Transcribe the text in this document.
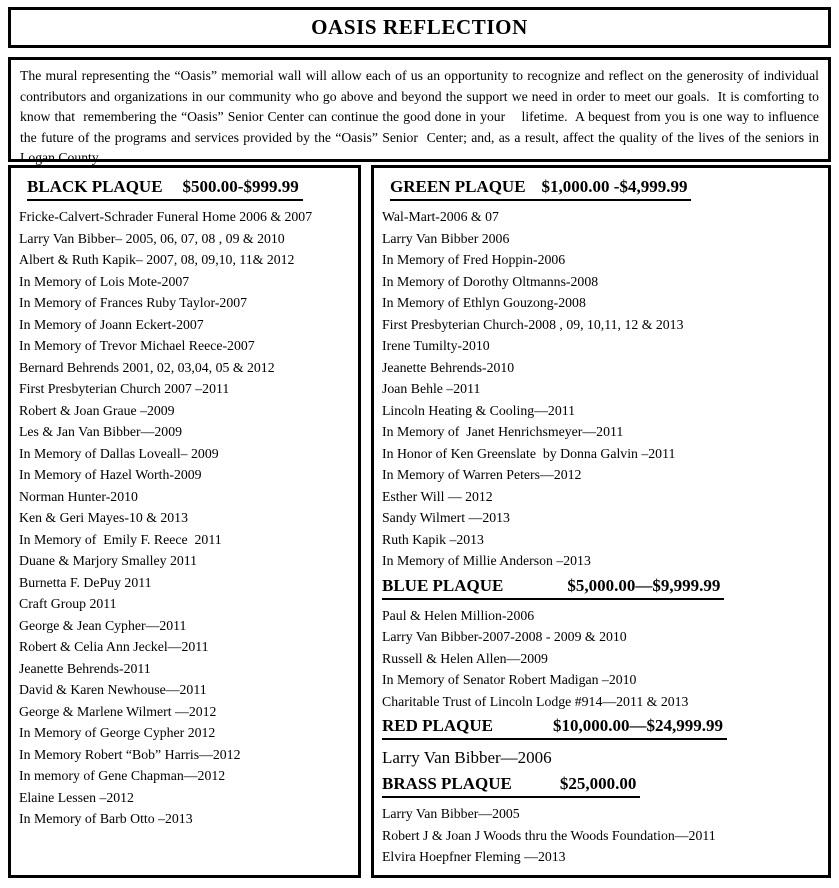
OASIS REFLECTION

The mural representing the “Oasis” memorial wall will allow each of us an opportunity to recognize and reflect on the generosity of individual contributors and organizations in our community who go above and beyond the support we need in order to meet our goals.  It is comforting to know that  remembering the “Oasis” Senior Center can continue the good done in your    lifetime.  A bequest from you is one way to influence the future of the programs and services provided by the “Oasis” Senior  Center; and, as a result, affect the quality of the lives of the seniors in Logan County.

BLACK PLAQUE $500.00-$999.99
Fricke-Calvert-Schrader Funeral Home 2006 & 2007
Larry Van Bibber– 2005, 06, 07, 08 , 09 & 2010
Albert & Ruth Kapik– 2007, 08, 09,10, 11& 2012
In Memory of Lois Mote-2007
In Memory of Frances Ruby Taylor-2007
In Memory of Joann Eckert-2007
In Memory of Trevor Michael Reece-2007
Bernard Behrends 2001, 02, 03,04, 05 & 2012
First Presbyterian Church 2007 –2011
Robert & Joan Graue –2009
Les & Jan Van Bibber—2009
In Memory of Dallas Loveall– 2009
In Memory of Hazel Worth-2009
Norman Hunter-2010
Ken & Geri Mayes-10 & 2013
In Memory of  Emily F. Reece  2011
Duane & Marjory Smalley 2011
Burnetta F. DePuy 2011
Craft Group 2011
George & Jean Cypher—2011
Robert & Celia Ann Jeckel—2011
Jeanette Behrends-2011
David & Karen Newhouse—2011
George & Marlene Wilmert —2012
In Memory of George Cypher 2012
In Memory Robert “Bob” Harris—2012
In memory of Gene Chapman—2012
Elaine Lessen –2012
In Memory of Barb Otto –2013
GREEN PLAQUE $1,000.00 -$4,999.99
Wal-Mart-2006 & 07
Larry Van Bibber 2006
In Memory of Fred Hoppin-2006
In Memory of Dorothy Oltmanns-2008
In Memory of Ethlyn Gouzong-2008
First Presbyterian Church-2008 , 09, 10,11, 12 & 2013
Irene Tumilty-2010
Jeanette Behrends-2010
Joan Behle –2011
Lincoln Heating & Cooling—2011
In Memory of  Janet Henrichsmeyer—2011
In Honor of Ken Greenslate  by Donna Galvin –2011
In Memory of Warren Peters—2012
Esther Will — 2012
Sandy Wilmert —2013
Ruth Kapik –2013
In Memory of Millie Anderson –2013
BLUE PLAQUE	$5,000.00—$9,999.99
Paul & Helen Million-2006
Larry Van Bibber-2007-2008 - 2009 & 2010
Russell & Helen Allen—2009
In Memory of Senator Robert Madigan –2010
Charitable Trust of Lincoln Lodge #914—2011 & 2013
RED PLAQUE	$10,000.00—$24,999.99
Larry Van Bibber—2006
BRASS PLAQUE	$25,000.00
Larry Van Bibber—2005
Robert J & Joan J Woods thru the Woods Foundation—2011
Elvira Hoepfner Fleming —2013
